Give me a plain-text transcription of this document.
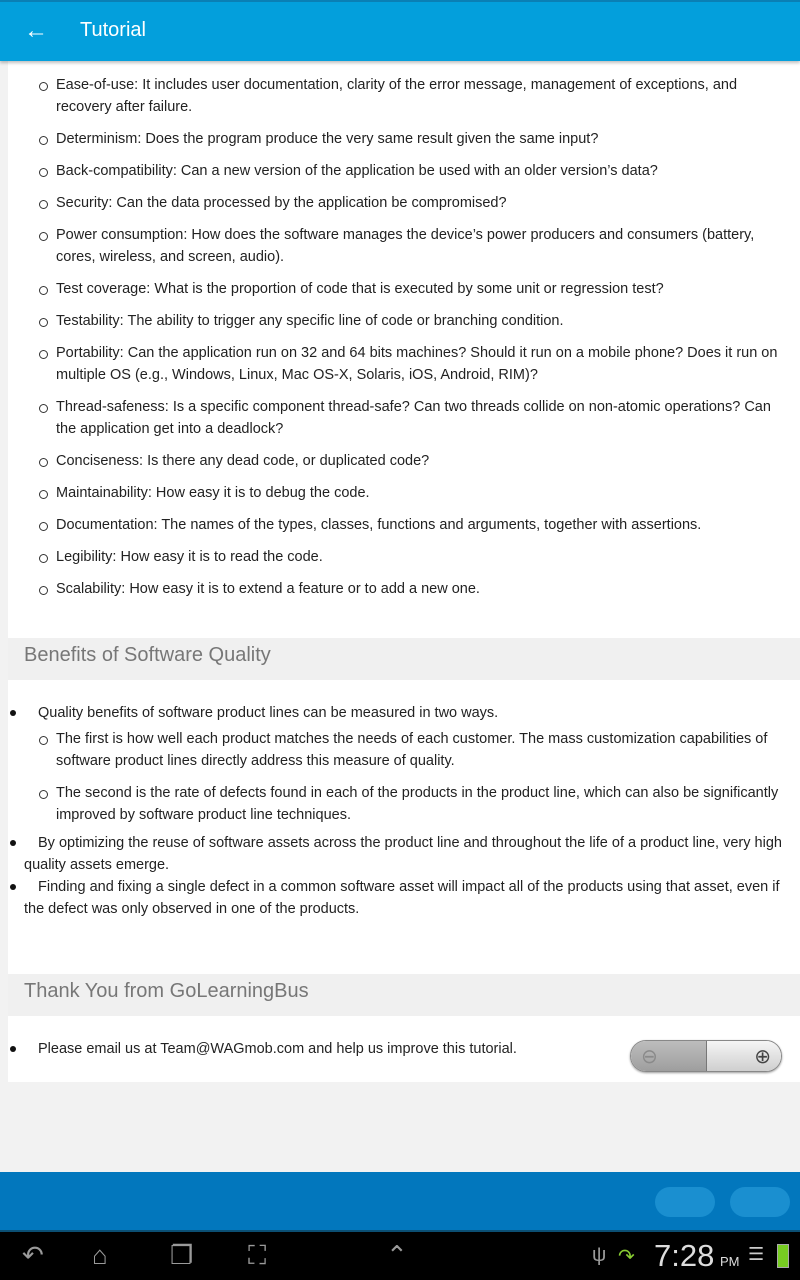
← Tutorial
Ease-of-use: It includes user documentation, clarity of the error message, management of exceptions, and recovery after failure.
Determinism: Does the program produce the very same result given the same input?
Back-compatibility: Can a new version of the application be used with an older version’s data?
Security: Can the data processed by the application be compromised?
Power consumption: How does the software manages the device’s power producers and consumers (battery, cores, wireless, and screen, audio).
Test coverage: What is the proportion of code that is executed by some unit or regression test?
Testability: The ability to trigger any specific line of code or branching condition.
Portability: Can the application run on 32 and 64 bits machines? Should it run on a mobile phone? Does it run on multiple OS (e.g., Windows, Linux, Mac OS-X, Solaris, iOS, Android, RIM)?
Thread-safeness: Is a specific component thread-safe? Can two threads collide on non-atomic operations? Can the application get into a deadlock?
Conciseness: Is there any dead code, or duplicated code?
Maintainability: How easy it is to debug the code.
Documentation: The names of the types, classes, functions and arguments, together with assertions.
Legibility: How easy it is to read the code.
Scalability: How easy it is to extend a feature or to add a new one.
Benefits of Software Quality
Quality benefits of software product lines can be measured in two ways.
The first is how well each product matches the needs of each customer. The mass customization capabilities of software product lines directly address this measure of quality.
The second is the rate of defects found in each of the products in the product line, which can also be significantly improved by software product line techniques.
By optimizing the reuse of software assets across the product line and throughout the life of a product line, very high quality assets emerge.
Finding and fixing a single defect in a common software asset will impact all of the products using that asset, even if the defect was only observed in one of the products.
Thank You from GoLearningBus
Please email us at Team@WAGmob.com and help us improve this tutorial.	⊖	⊕
↶ ⌂ ❐ ⛶	⌃	ψ ↷ 7:28 PM ☰
